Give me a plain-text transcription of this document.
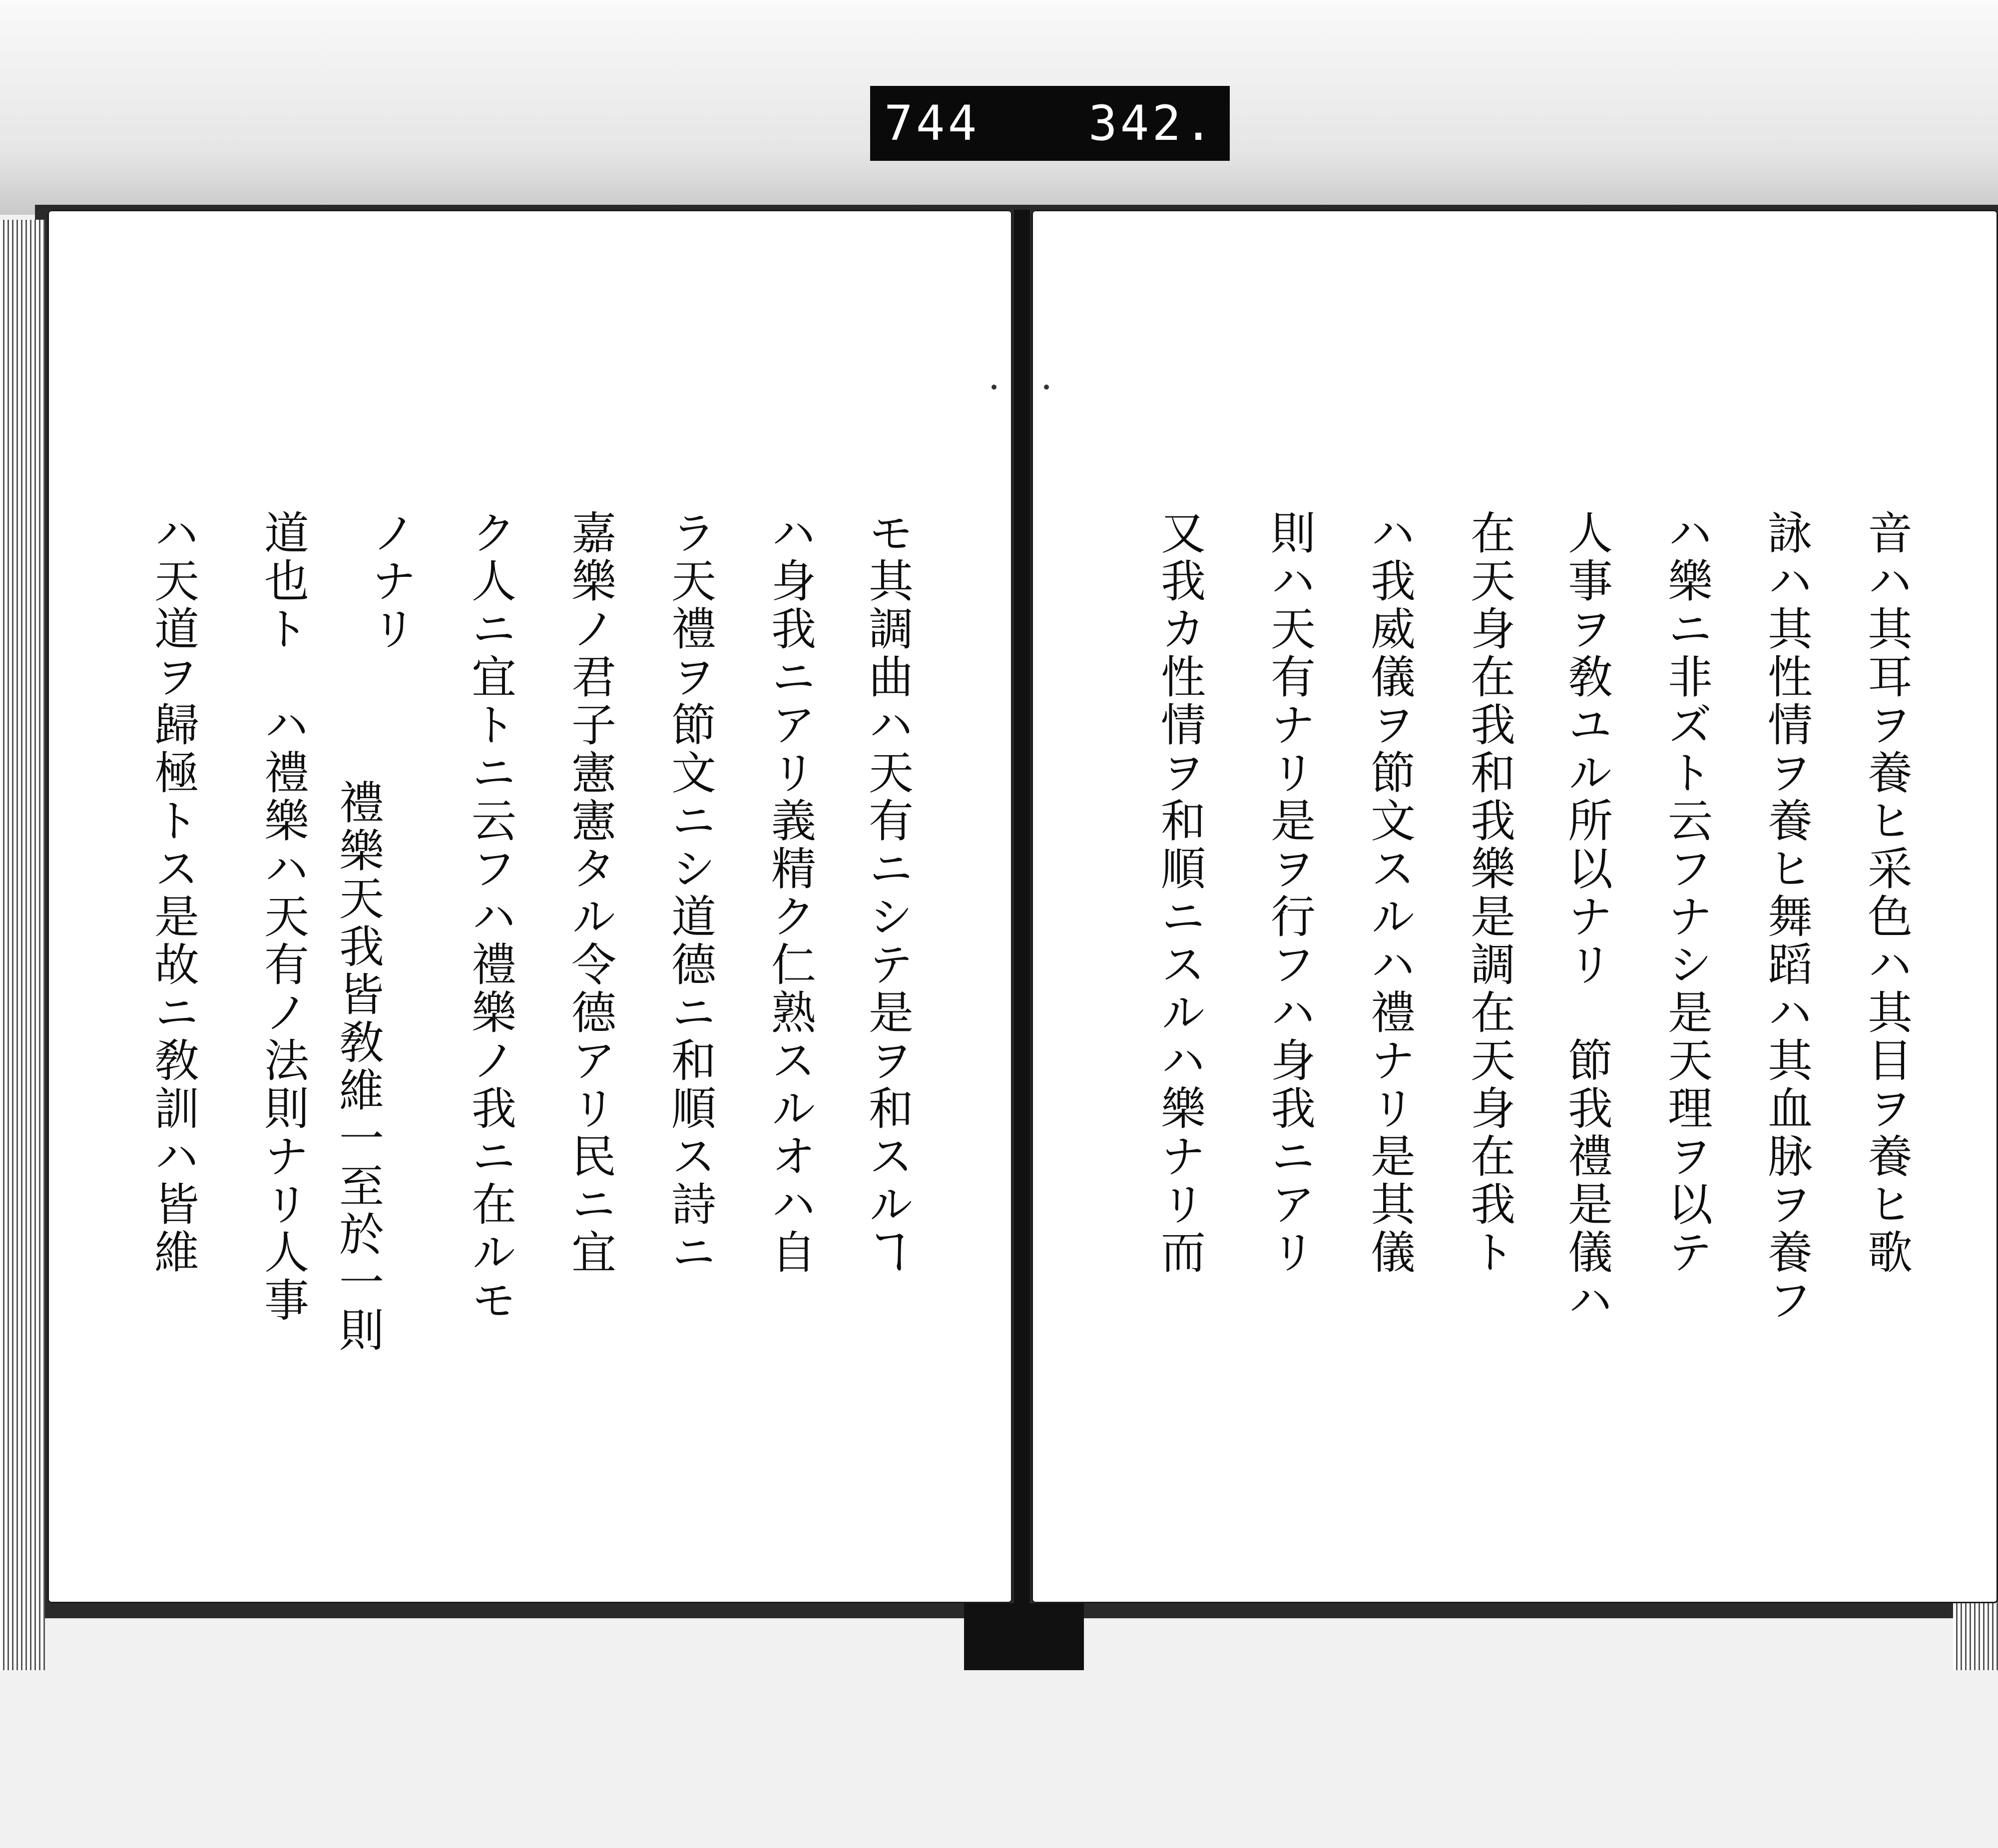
744 342.
音ハ其耳ヲ養ヒ采色ハ其目ヲ養ヒ歌
詠ハ其性情ヲ養ヒ舞蹈ハ其血脉ヲ養フ
ハ樂ニ非ズト云フナシ是天理ヲ以テ
人事ヲ敎ユル所以ナリ　節我禮是儀ハ
在天身在我和我樂是調在天身在我ト
ハ我威儀ヲ節文スルハ禮ナリ是其儀
則ハ天有ナリ是ヲ行フハ身我ニアリ
又我カ性情ヲ和順ニスルハ樂ナリ而
モ其調曲ハ天有ニシテ是ヲ和スルヿ
ハ身我ニアリ義精ク仁熟スルオハ自
ラ天禮ヲ節文ニシ道德ニ和順ス詩ニ
嘉樂ノ君子憲憲タル令德アリ民ニ宜
ク人ニ宜トニ云フハ禮樂ノ我ニ在ルモ
ノナリ　
禮樂天我皆敎維一至於一則
道也ト　ハ禮樂ハ天有ノ法則ナリ人事
ハ天道ヲ歸極トス是故ニ敎訓ハ皆維
